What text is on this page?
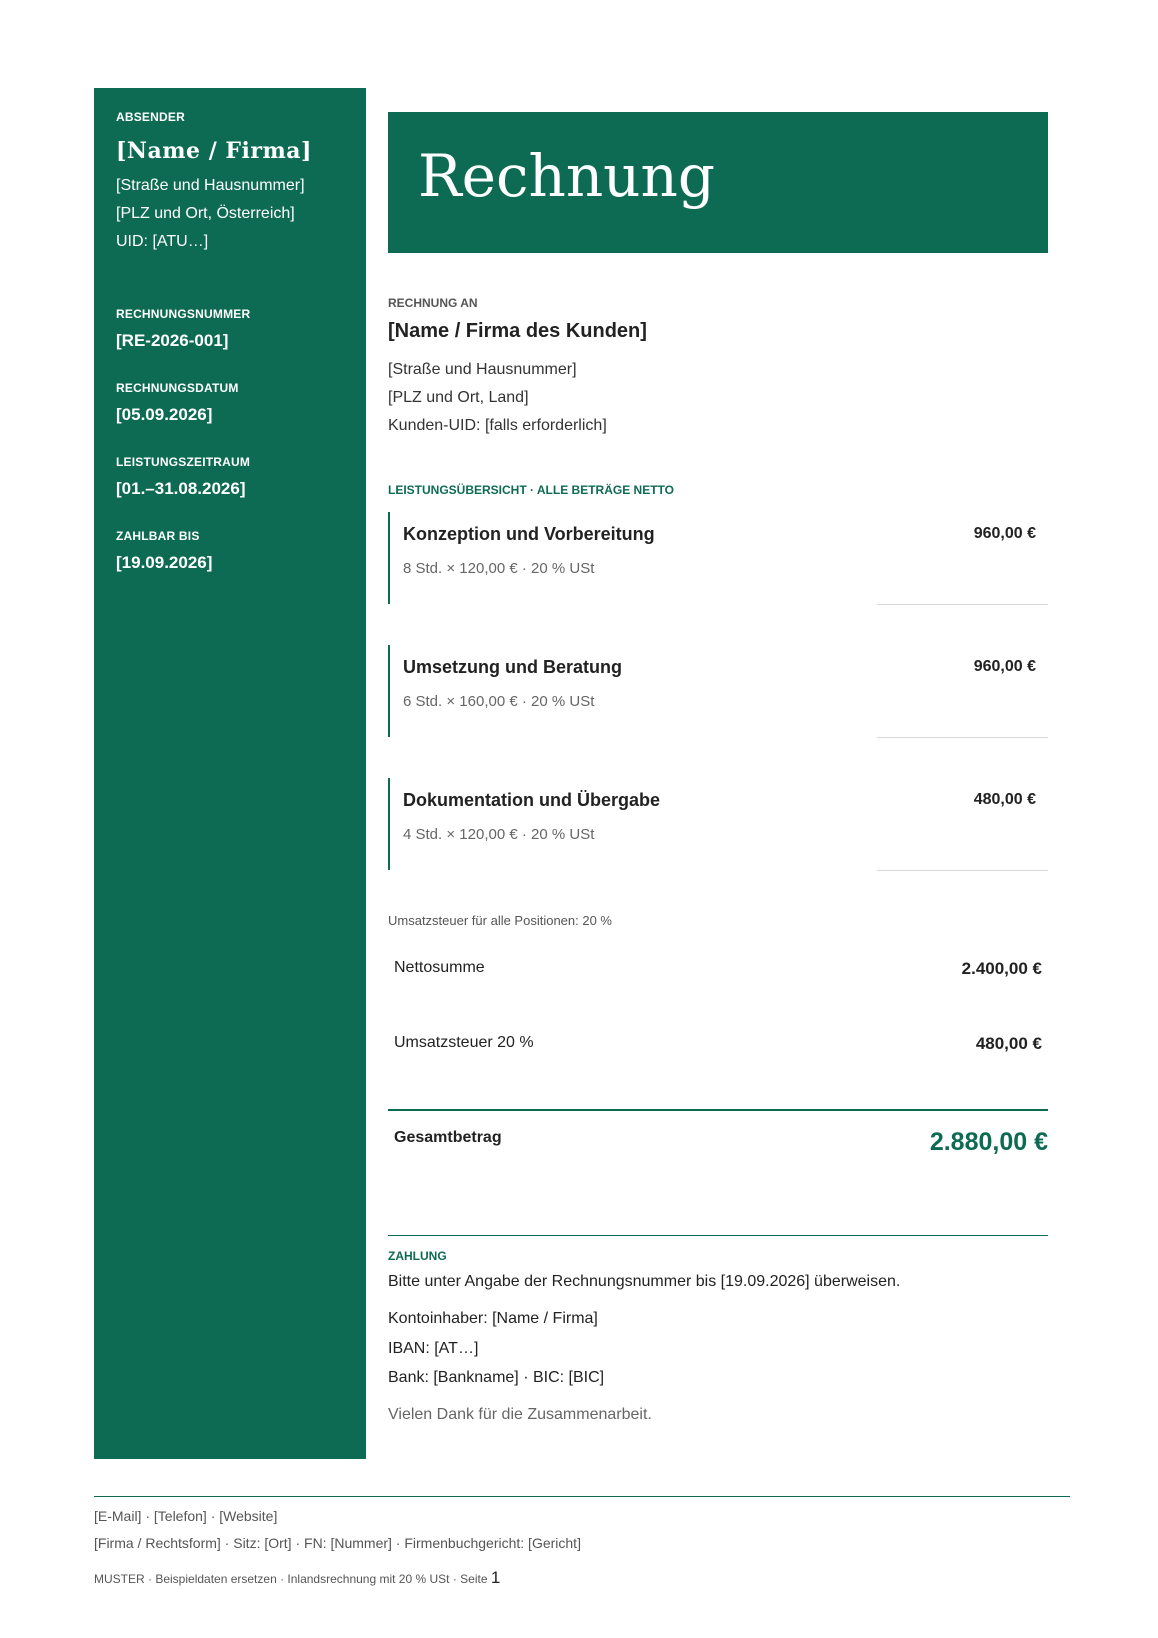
ABSENDER
[Name / Firma]
[Straße und Hausnummer]
[PLZ und Ort, Österreich]
UID: [ATU…]
RECHNUNGSNUMMER
[RE-2026-001]
RECHNUNGSDATUM
[05.09.2026]
LEISTUNGSZEITRAUM
[01.–31.08.2026]
ZAHLBAR BIS
[19.09.2026]
Rechnung
RECHNUNG AN
[Name / Firma des Kunden]
[Straße und Hausnummer]
[PLZ und Ort, Land]
Kunden-UID: [falls erforderlich]
LEISTUNGSÜBERSICHT · ALLE BETRÄGE NETTO
Konzeption und Vorbereitung
8 Std. × 120,00 € · 20 % USt
960,00 €
Umsetzung und Beratung
6 Std. × 160,00 € · 20 % USt
960,00 €
Dokumentation und Übergabe
4 Std. × 120,00 € · 20 % USt
480,00 €
Umsatzsteuer für alle Positionen: 20 %
Nettosumme	2.400,00 €
Umsatzsteuer 20 %	480,00 €
Gesamtbetrag	2.880,00 €
ZAHLUNG
Bitte unter Angabe der Rechnungsnummer bis [19.09.2026] überweisen.
Kontoinhaber: [Name / Firma]
IBAN: [AT…]
Bank: [Bankname] · BIC: [BIC]
Vielen Dank für die Zusammenarbeit.
[E-Mail] · [Telefon] · [Website]
[Firma / Rechtsform] · Sitz: [Ort] · FN: [Nummer] · Firmenbuchgericht: [Gericht]
MUSTER · Beispieldaten ersetzen · Inlandsrechnung mit 20 % USt · Seite 1
